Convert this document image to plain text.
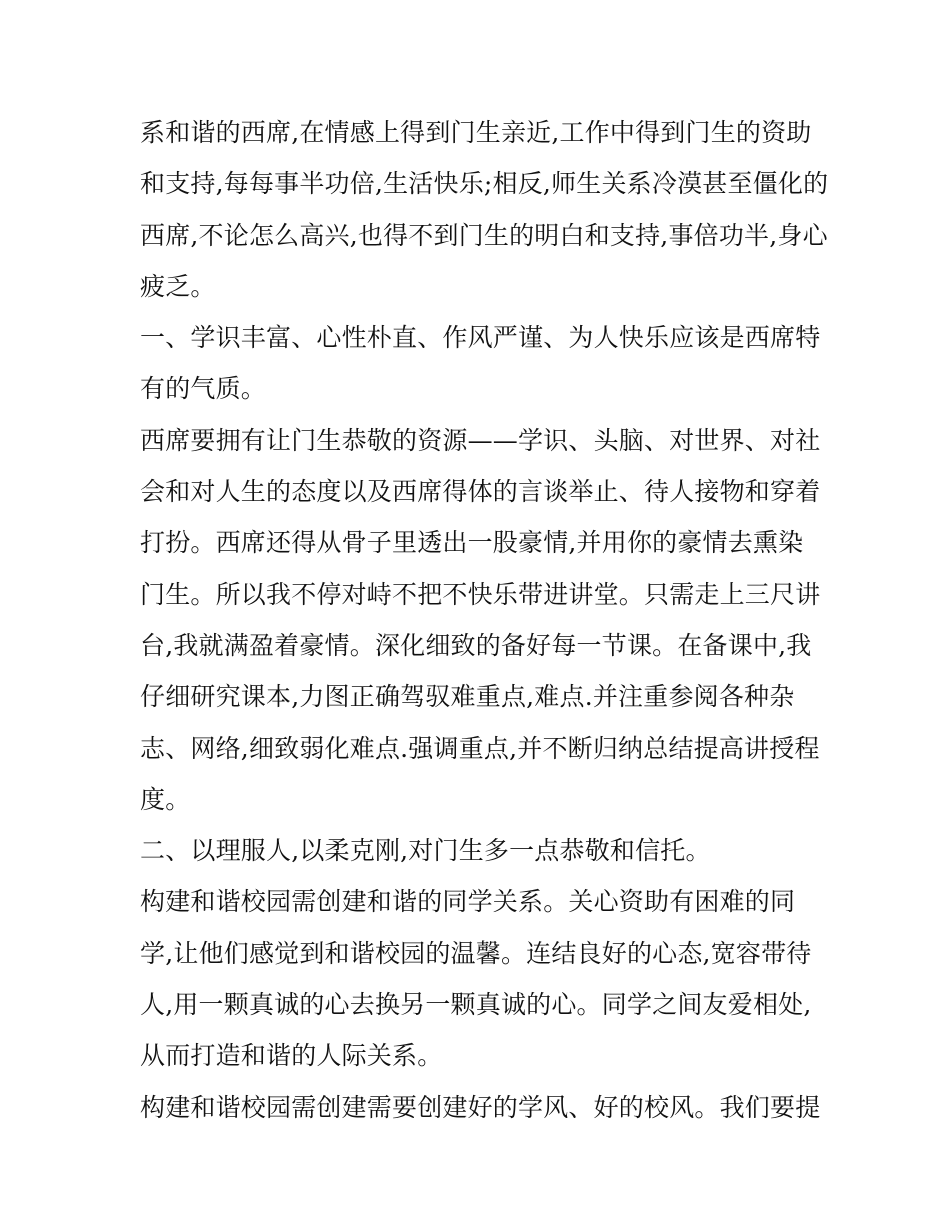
系和谐的西席,在情感上得到门生亲近,工作中得到门生的资助
和支持,每每事半功倍,生活快乐;相反,师生关系冷漠甚至僵化的
西席,不论怎么高兴,也得不到门生的明白和支持,事倍功半,身心
疲乏。
一、学识丰富、心性朴直、作风严谨、为人快乐应该是西席特
有的气质。
西席要拥有让门生恭敬的资源——学识、头脑、对世界、对社
会和对人生的态度以及西席得体的言谈举止、待人接物和穿着
打扮。西席还得从骨子里透出一股豪情,并用你的豪情去熏染
门生。所以我不停对峙不把不快乐带进讲堂。只需走上三尺讲
台,我就满盈着豪情。深化细致的备好每一节课。在备课中,我
仔细研究课本,力图正确驾驭难重点,难点.并注重参阅各种杂
志、网络,细致弱化难点.强调重点,并不断归纳总结提高讲授程
度。
二、以理服人,以柔克刚,对门生多一点恭敬和信托。
构建和谐校园需创建和谐的同学关系。关心资助有困难的同
学,让他们感觉到和谐校园的温馨。连结良好的心态,宽容带待
人,用一颗真诚的心去换另一颗真诚的心。同学之间友爱相处,
从而打造和谐的人际关系。
构建和谐校园需创建需要创建好的学风、好的校风。我们要提
